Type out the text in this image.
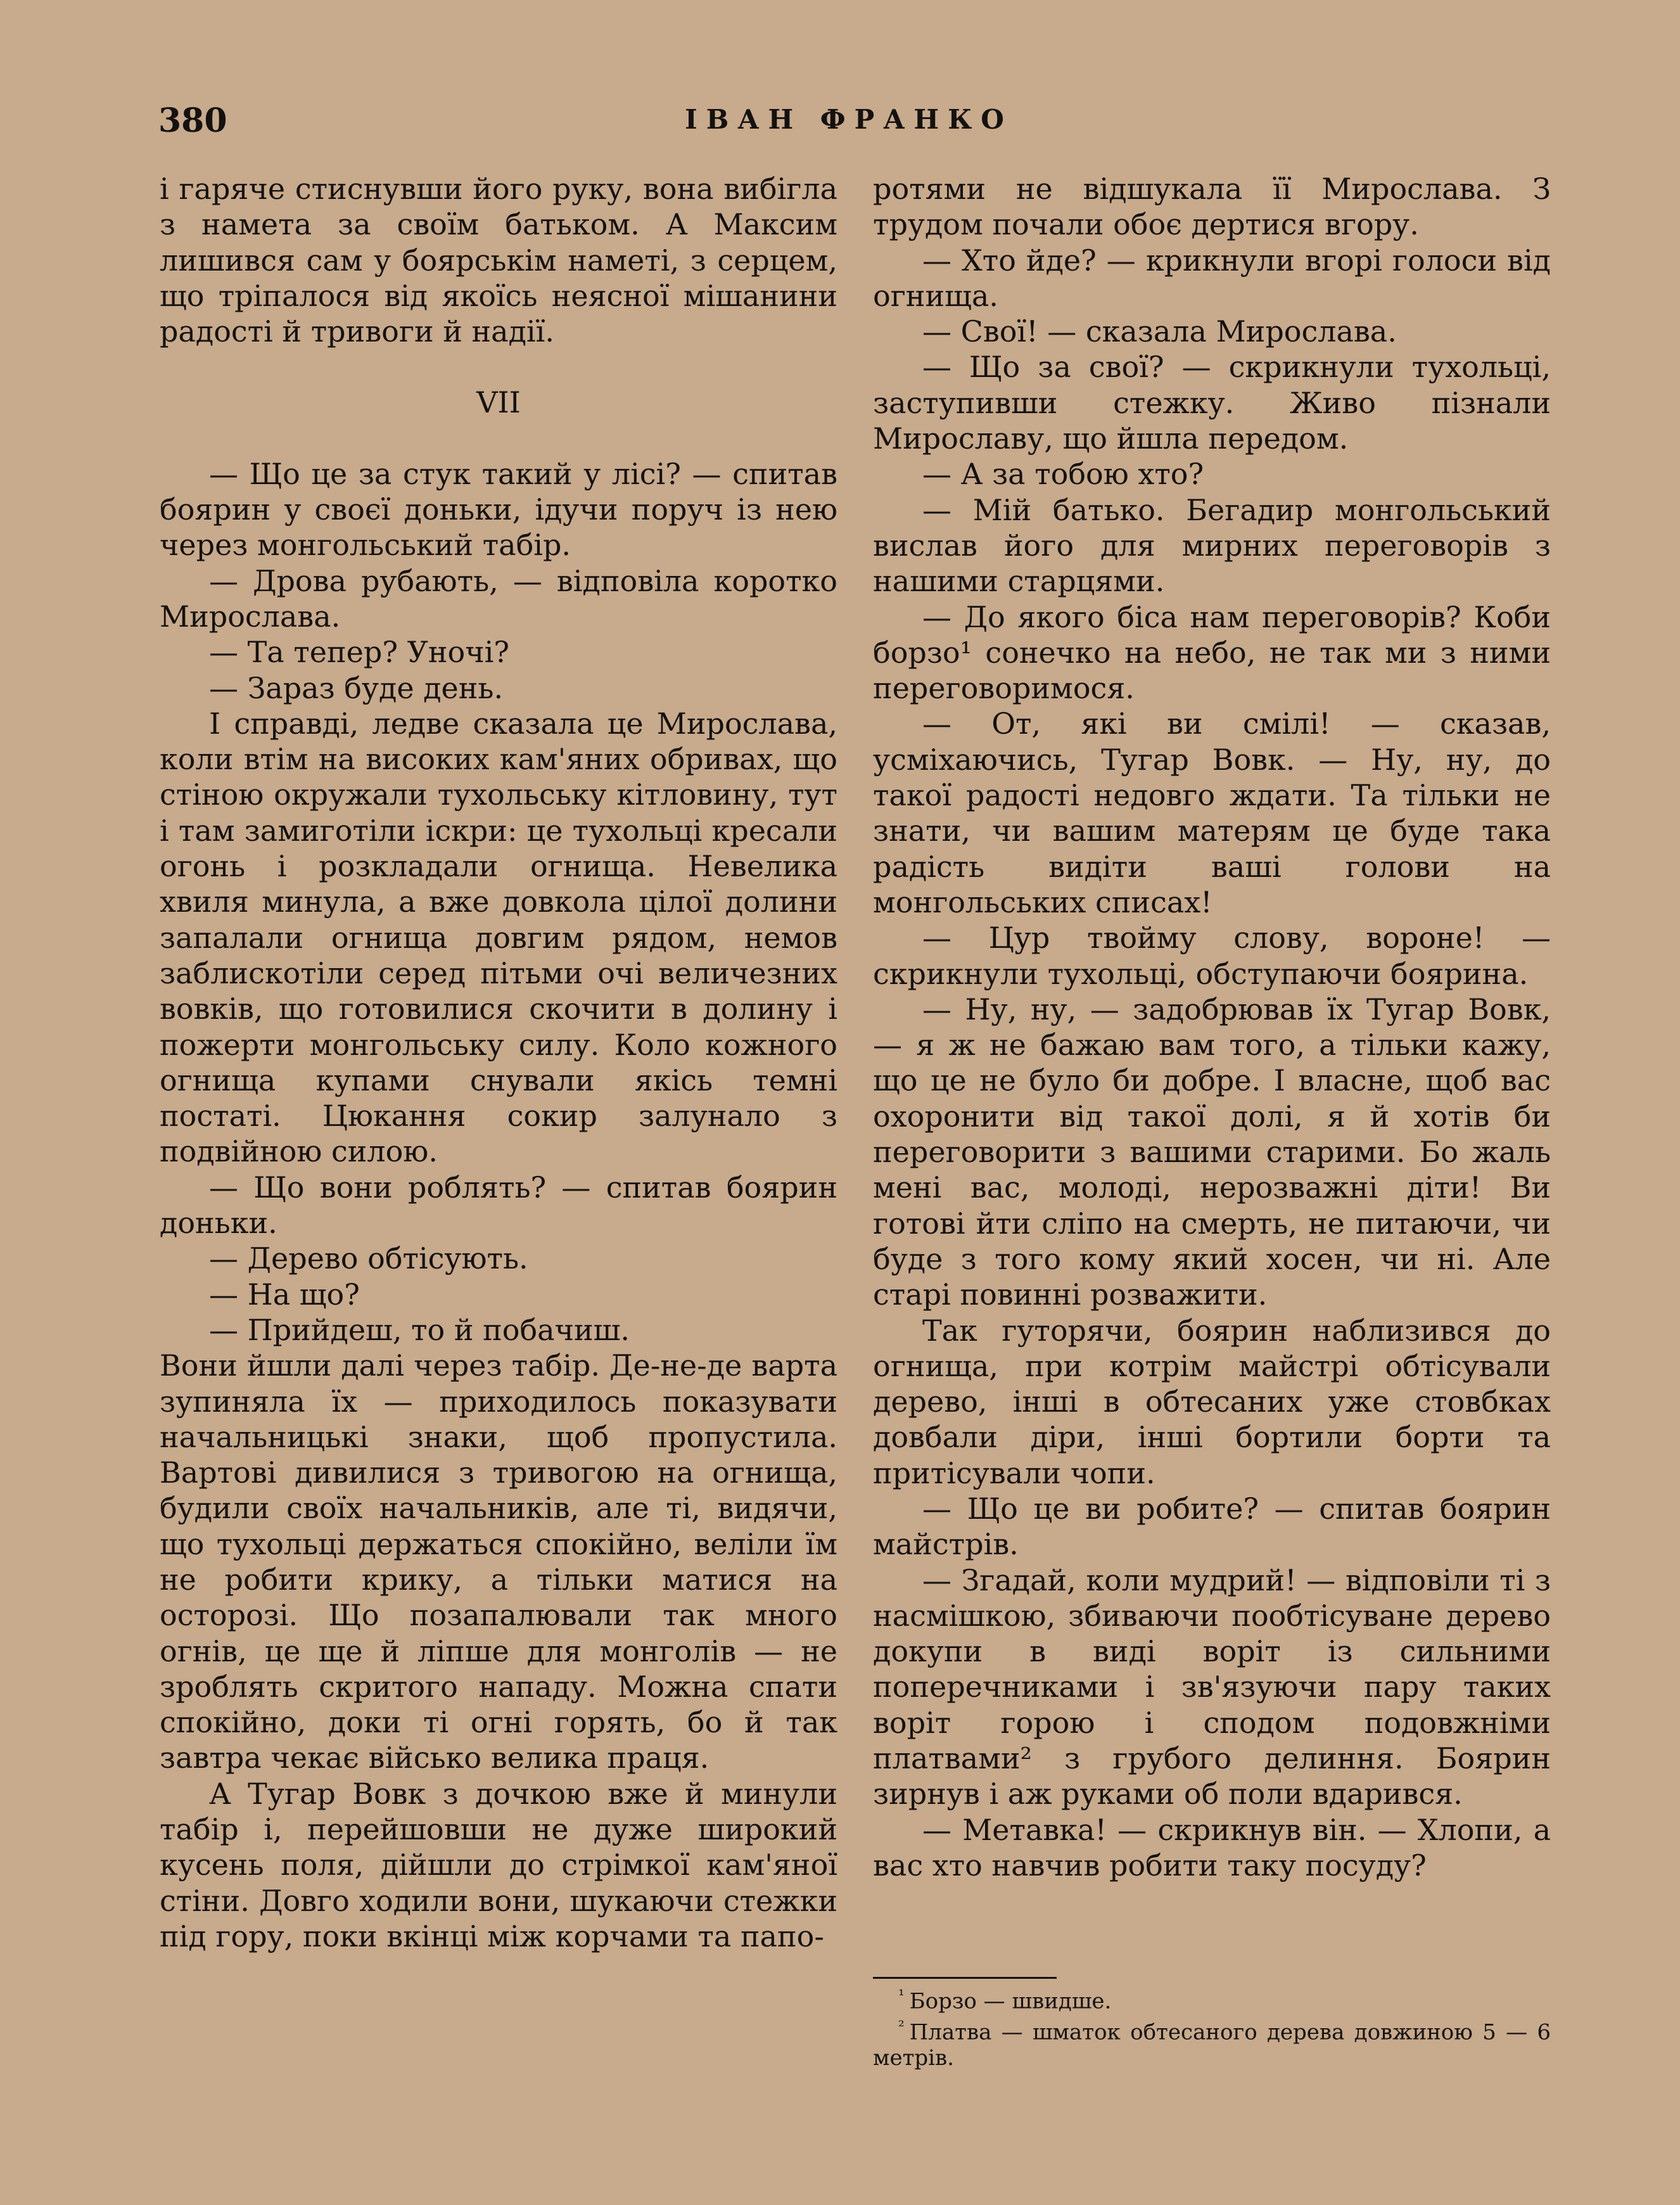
380	ІВАН ФРАНКО

і гаряче стиснувши його руку, вона вибігла з намета за своїм батьком. А Максим лишився сам у боярськім наметі, з серцем, що тріпалося від якоїсь неясної мішанини радості й тривоги й надії.

VII

— Що це за стук такий у лісі? — спитав боярин у своєї доньки, ідучи поруч із нею через монгольський табір.

— Дрова рубають, — відповіла коротко Мирослава.

— Та тепер? Уночі?

— Зараз буде день.

І справді, ледве сказала це Мирослава, коли втім на високих кам'яних обривах, що стіною окружали тухольську кітловину, тут і там замиготіли іскри: це тухольці кресали огонь і розкладали огнища. Невелика хвиля минула, а вже довкола цілої долини запалали огнища довгим рядом, немов заблискотіли серед пітьми очі величезних вовків, що готовилися скочити в долину і пожерти монгольську силу. Коло кожного огнища купами снували якісь темні постаті. Цюкання сокир залунало з подвійною силою.

— Що вони роблять? — спитав боярин доньки.

— Дерево обтісують.

— На що?

— Прийдеш, то й побачиш.

Вони йшли далі через табір. Де-не-де варта зупиняла їх — приходилось показувати начальницькі знаки, щоб пропустила. Вартові дивилися з тривогою на огнища, будили своїх начальників, але ті, видячи, що тухольці держаться спокійно, веліли їм не робити крику, а тільки матися на осторозі. Що позапалювали так много огнів, це ще й ліпше для монголів — не зроблять скритого нападу. Можна спати спокійно, доки ті огні горять, бо й так завтра чекає військо велика праця.

А Тугар Вовк з дочкою вже й минули табір і, перейшовши не дуже широкий кусень поля, дійшли до стрімкої кам'яної стіни. Довго ходили вони, шукаючи стежки під гору, поки вкінці між корчами та папо-

ротями не відшукала її Мирослава. З трудом почали обоє дертися вгору.

— Хто йде? — крикнули вгорі голоси від огнища.

— Свої! — сказала Мирослава.

— Що за свої? — скрикнули тухольці, заступивши стежку. Живо пізнали Мирославу, що йшла передом.

— А за тобою хто?

— Мій батько. Бегадир монгольський вислав його для мирних переговорів з нашими старцями.

— До якого біса нам переговорів? Коби борзо¹ сонечко на небо, не так ми з ними переговоримося.

— От, які ви смілі! — сказав, усміхаючись, Тугар Вовк. — Ну, ну, до такої радості недовго ждати. Та тільки не знати, чи вашим матерям це буде така радість видіти ваші голови на монгольських списах!

— Цур твойму слову, вороне! — скрикнули тухольці, обступаючи боярина.

— Ну, ну, — задобрював їх Тугар Вовк, — я ж не бажаю вам того, а тільки кажу, що це не було би добре. І власне, щоб вас охоронити від такої долі, я й хотів би переговорити з вашими старими. Бо жаль мені вас, молоді, нерозважні діти! Ви готові йти сліпо на смерть, не питаючи, чи буде з того кому який хосен, чи ні. Але старі повинні розважити.

Так гуторячи, боярин наблизився до огнища, при котрім майстрі обтісували дерево, інші в обтесаних уже стовбках довбали діри, інші бортили борти та притісували чопи.

— Що це ви робите? — спитав боярин майстрів.

— Згадай, коли мудрий! — відповіли ті з насмішкою, збиваючи пообтісуване дерево докупи в виді воріт із сильними поперечниками і зв'язуючи пару таких воріт горою і сподом подовжніми платвами² з грубого делиння. Боярин зирнув і аж руками об поли вдарився.

— Метавка! — скрикнув він. — Хлопи, а вас хто навчив робити таку посуду?

$^{^1}$ Борзо — швидше.

$^{^2}$ Платва — шматок обтесаного дерева довжиною 5 — 6 метрів.
